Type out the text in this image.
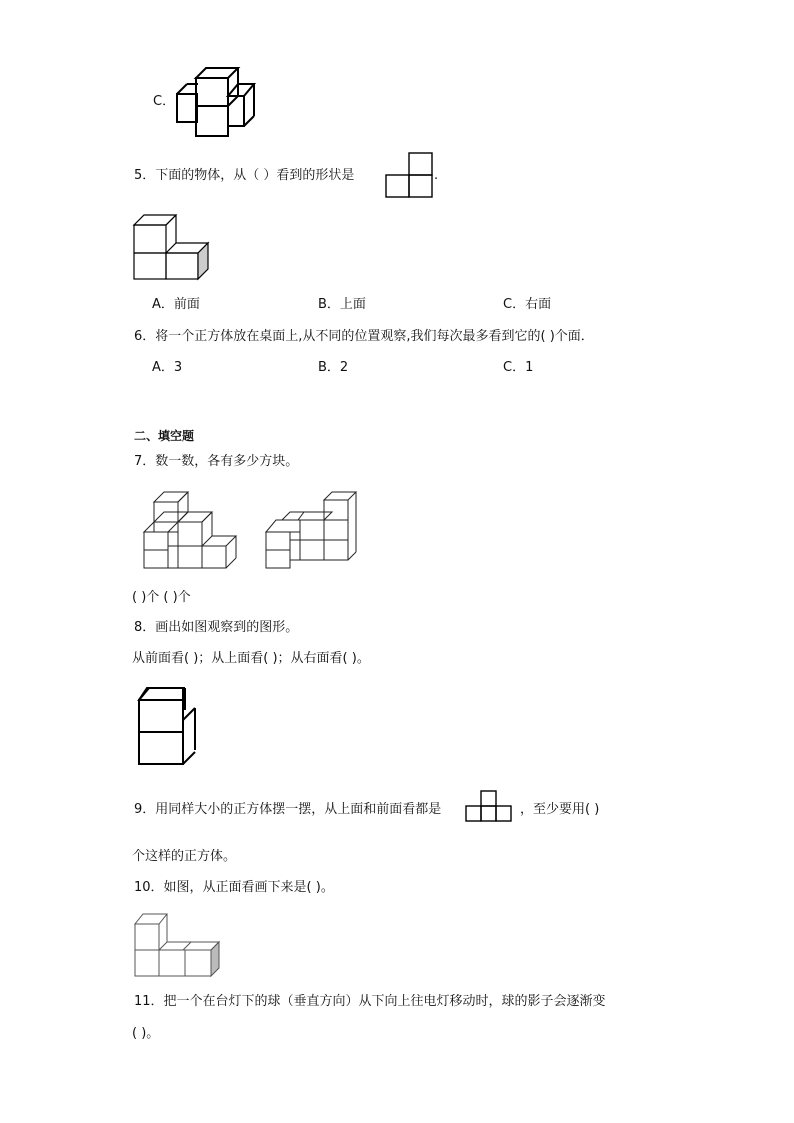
C．
5．下面的物体，从（ ）看到的形状是	.
A．前面	B．上面	C．右面
6．将一个正方体放在桌面上,从不同的位置观察,我们每次最多看到它的( )个面．
A．3	B．2	C．1
二、填空题
7．数一数，各有多少方块。
( )个 ( )个
8．画出如图观察到的图形。
从前面看( )；从上面看( )；从右面看( )。
9．用同样大小的正方体摆一摆，从上面和前面看都是	，至少要用( )
个这样的正方体。
10．如图，从正面看画下来是( )。
11．把一个在台灯下的球（垂直方向）从下向上往电灯移动时，球的影子会逐渐变
( )。
